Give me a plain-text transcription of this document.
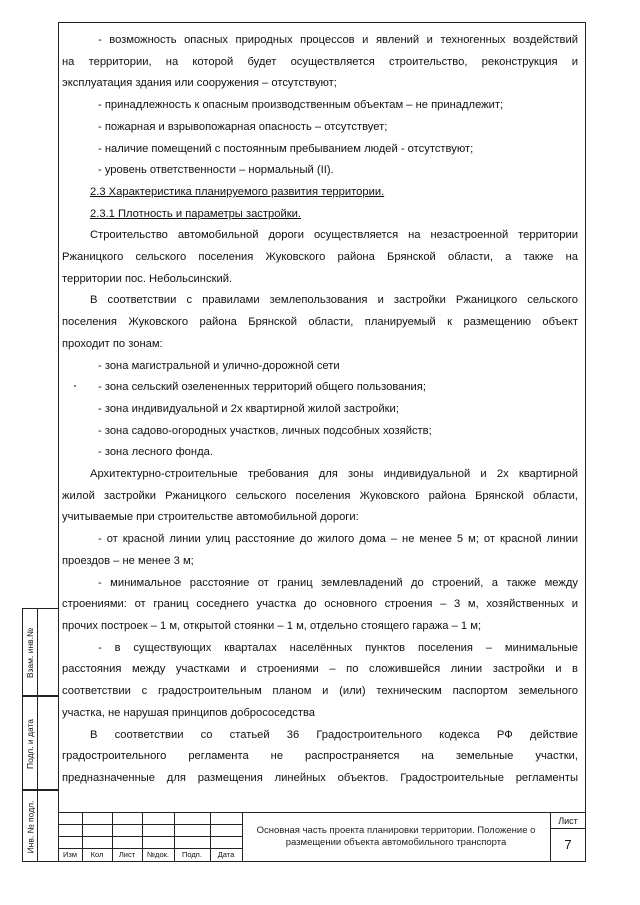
Взам. инв.№
Подп. и дата
Инв. № подл.

- возможность опасных природных процессов и явлений и техногенных воздействий

на территории, на которой будет осуществляется строительство, реконструкция и

эксплуатация здания или сооружения – отсутствуют;

- принадлежность к опасным производственным объектам – не принадлежит;

- пожарная и взрывопожарная опасность – отсутствует;

- наличие помещений с постоянным пребыванием людей - отсутствуют;

- уровень ответственности – нормальный (II).

2.3 Характеристика планируемого развития территории.

2.3.1 Плотность и параметры застройки.

Строительство автомобильной дороги осуществляется на незастроенной территории

Ржаницкого сельского поселения Жуковского района Брянской области, а также на

территории пос. Небольсинский.

В соответствии с правилами землепользования и застройки Ржаницкого сельского

поселения Жуковского района Брянской области, планируемый к размещению объект

проходит по зонам:

- зона магистральной и улично-дорожной сети

- зона сельский озелененных территорий общего пользования;

- зона индивидуальной и 2х квартирной жилой застройки;

- зона садово-огородных участков, личных подсобных хозяйств;

- зона лесного фонда.

Архитектурно-строительные требования для зоны индивидуальной и 2х квартирной

жилой застройки Ржаницкого сельского поселения Жуковского района Брянской области,

учитываемые при строительстве автомобильной дороги:

- от красной линии улиц расстояние до жилого дома – не менее 5 м; от красной линии

проездов – не менее 3 м;

- минимальное расстояние от границ землевладений до строений, а также между

строениями: от границ соседнего участка до основного строения – 3 м, хозяйственных и

прочих построек – 1 м, открытой стоянки – 1 м, отдельно стоящего гаража – 1 м;

- в существующих кварталах населённых пунктов поселения – минимальные

расстояния между участками и строениями – по сложившейся линии застройки и в

соответствии с градостроительным планом и (или) техническим паспортом земельного

участка, не нарушая принципов добрососедства

В соответствии со статьей 36 Градостроительного кодекса РФ действие

градостроительного регламента не распространяется на земельные участки,

предназначенные для размещения линейных объектов. Градостроительные регламенты

Изм	Кол	Лист	№док.	Подп.	Дата
Основная часть проекта планировки территории. Положение о размещении объекта автомобильного транспорта
Лист
7
